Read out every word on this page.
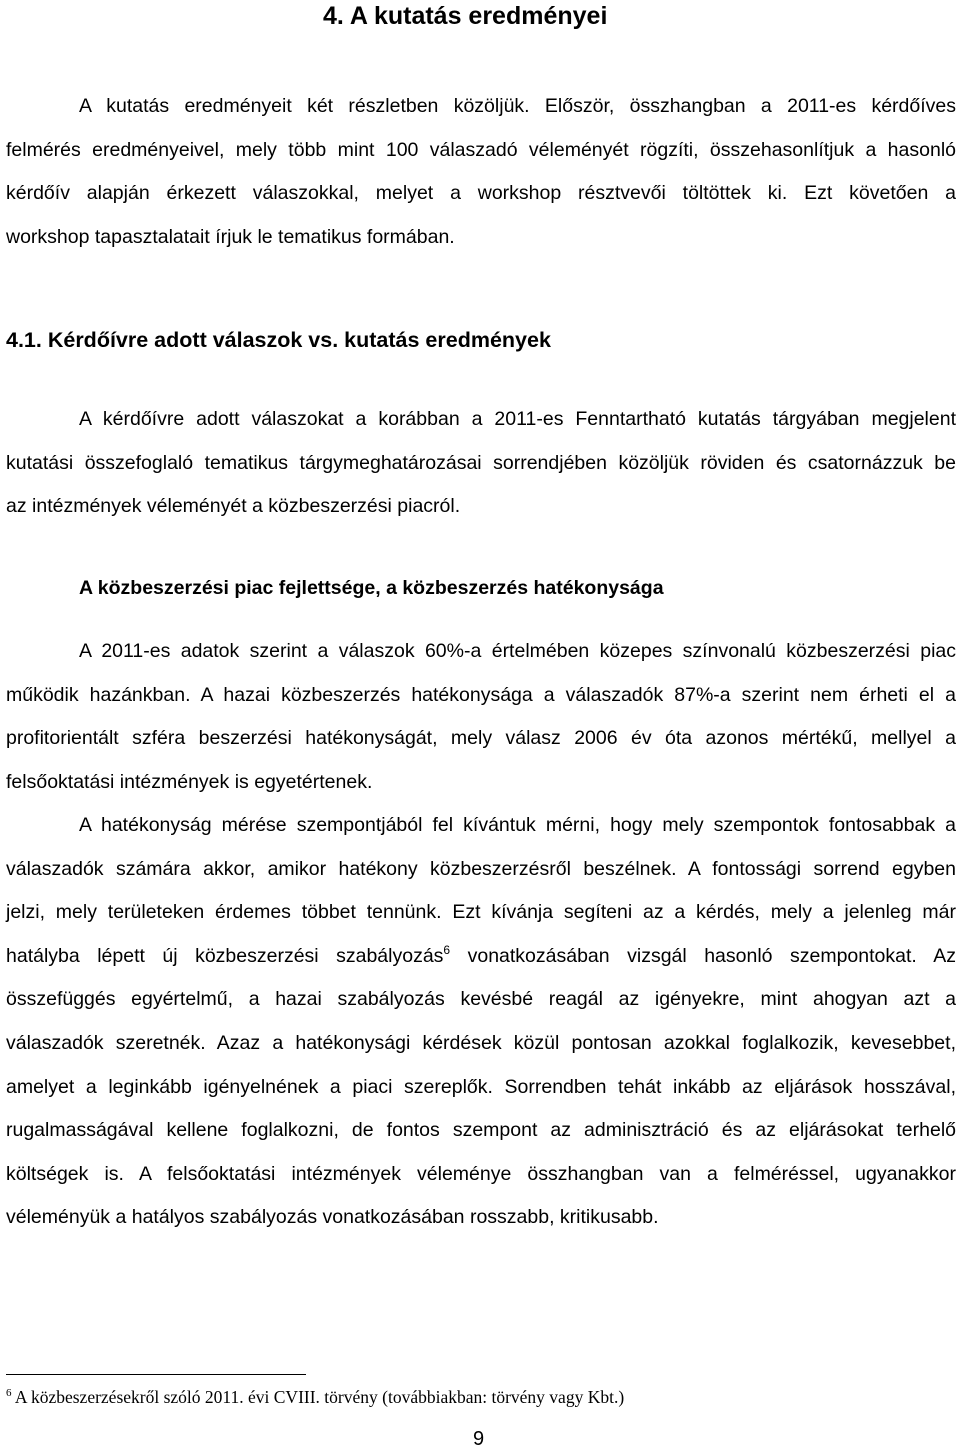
4. A kutatás eredményei
A kutatás eredményeit két részletben közöljük. Először, összhangban a 2011-es kérdőíves
felmérés eredményeivel, mely több mint 100 válaszadó véleményét rögzíti, összehasonlítjuk a hasonló
kérdőív alapján érkezett válaszokkal, melyet a workshop résztvevői töltöttek ki. Ezt követően a
workshop tapasztalatait írjuk le tematikus formában.
4.1. Kérdőívre adott válaszok vs. kutatás eredmények
A kérdőívre adott válaszokat a korábban a 2011-es Fenntartható kutatás tárgyában megjelent
kutatási összefoglaló tematikus tárgymeghatározásai sorrendjében közöljük röviden és csatornázzuk be
az intézmények véleményét a közbeszerzési piacról.
A közbeszerzési piac fejlettsége, a közbeszerzés hatékonysága
A 2011-es adatok szerint a válaszok 60%-a értelmében közepes színvonalú közbeszerzési piac
működik hazánkban. A hazai közbeszerzés hatékonysága a válaszadók 87%-a szerint nem érheti el a
profitorientált szféra beszerzési hatékonyságát, mely válasz 2006 év óta azonos mértékű, mellyel a
felsőoktatási intézmények is egyetértenek.
A hatékonyság mérése szempontjából fel kívántuk mérni, hogy mely szempontok fontosabbak a
válaszadók számára akkor, amikor hatékony közbeszerzésről beszélnek. A fontossági sorrend egyben
jelzi, mely területeken érdemes többet tennünk. Ezt kívánja segíteni az a kérdés, mely a jelenleg már
hatályba lépett új közbeszerzési szabályozás$^6$ vonatkozásában vizsgál hasonló szempontokat. Az
összefüggés egyértelmű, a hazai szabályozás kevésbé reagál az igényekre, mint ahogyan azt a
válaszadók szeretnék. Azaz a hatékonysági kérdések közül pontosan azokkal foglalkozik, kevesebbet,
amelyet a leginkább igényelnének a piaci szereplők. Sorrendben tehát inkább az eljárások hosszával,
rugalmasságával kellene foglalkozni, de fontos szempont az adminisztráció és az eljárásokat terhelő
költségek is. A felsőoktatási intézmények véleménye összhangban van a felméréssel, ugyanakkor
véleményük a hatályos szabályozás vonatkozásában rosszabb, kritikusabb.
$^6$ A közbeszerzésekről szóló 2011. évi CVIII. törvény (továbbiakban: törvény vagy Kbt.)
9
